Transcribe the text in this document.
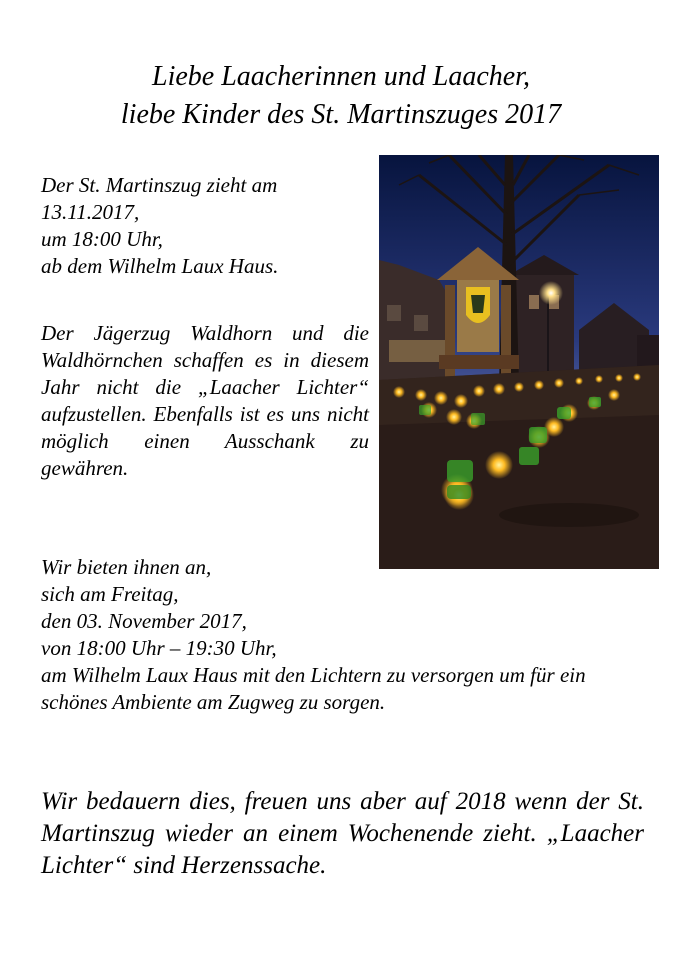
Liebe Laacherinnen und Laacher,
liebe Kinder des St. Martinszuges 2017
Der St. Martinszug zieht am
13.11.2017,
um 18:00 Uhr,
ab dem Wilhelm Laux Haus.
Der Jägerzug Waldhorn und die Waldhörnchen schaffen es in diesem Jahr nicht die „Laacher Lichter“ aufzustellen. Ebenfalls ist es uns nicht möglich einen Ausschank zu gewähren.
Wir bieten ihnen an,
sich am Freitag,
den 03. November 2017,
von 18:00 Uhr – 19:30 Uhr,
am Wilhelm Laux Haus mit den Lichtern zu versorgen um für ein schönes Ambiente am Zugweg zu sorgen.
Wir bedauern dies, freuen uns aber auf 2018 wenn der St. Martinszug wieder an einem Wochenende zieht. „Laacher Lichter“ sind Herzenssache.
